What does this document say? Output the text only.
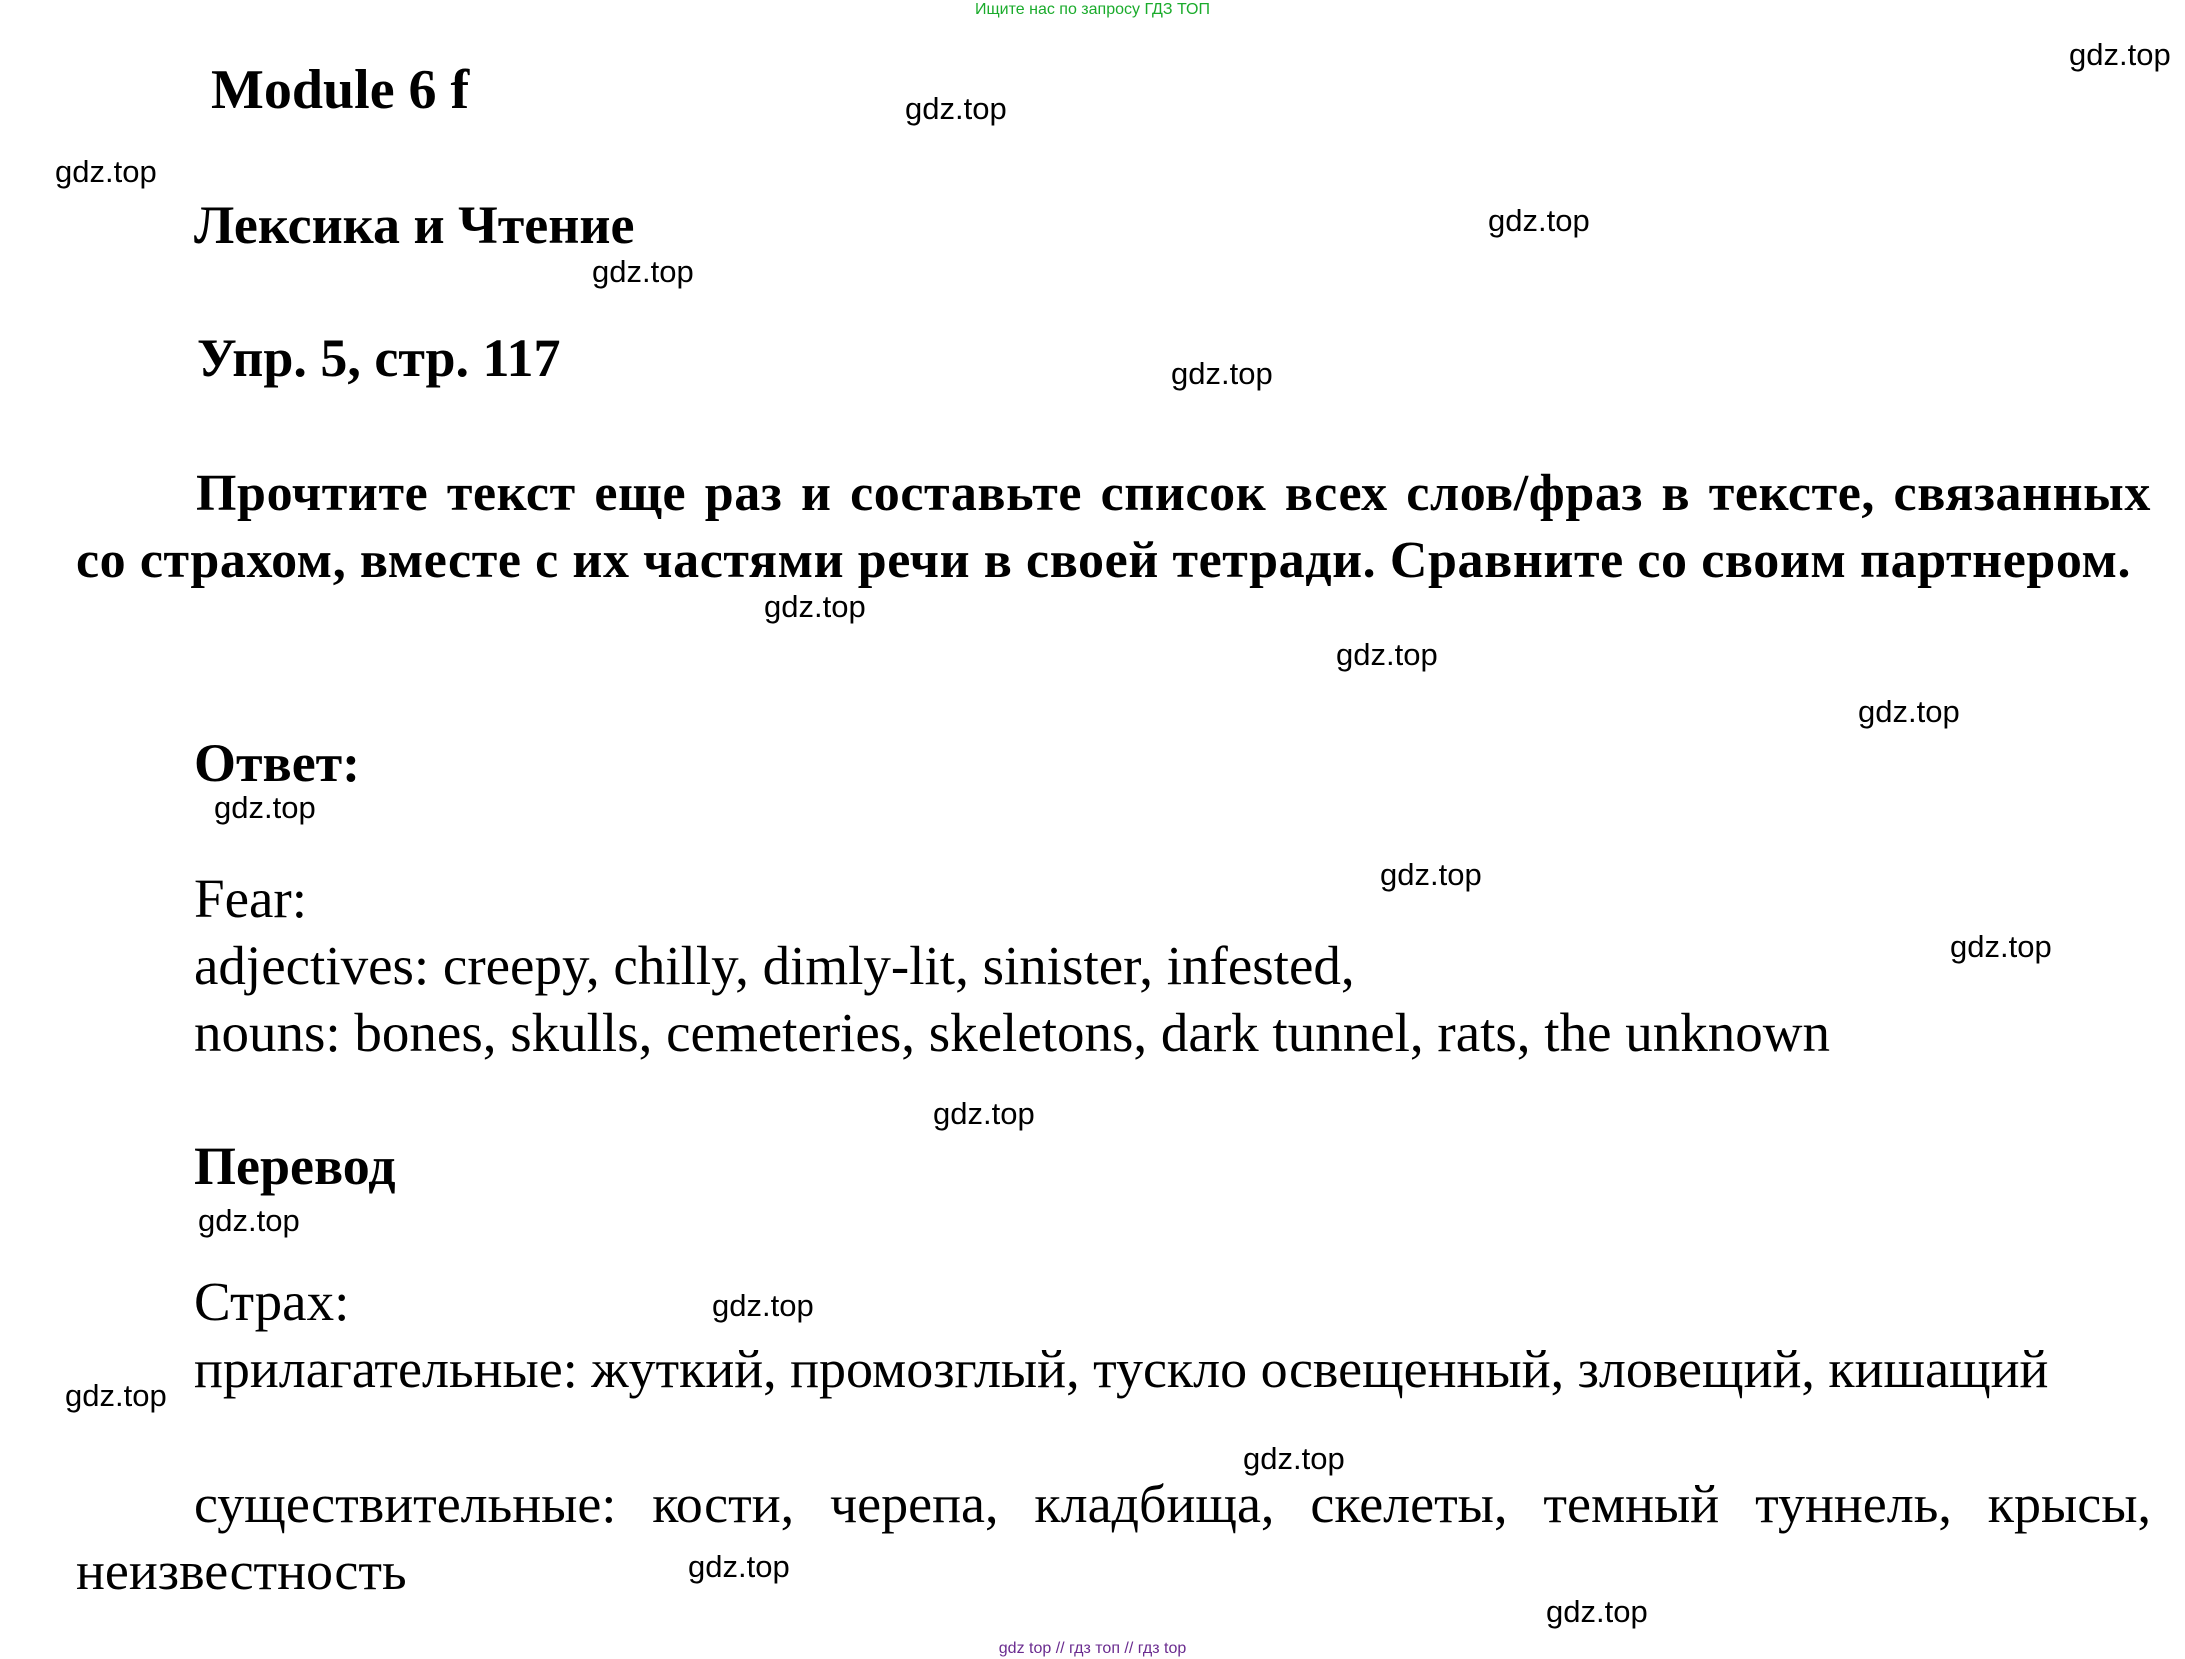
Ищите нас по запросу ГДЗ ТОП
Module 6 f
Лексика и Чтение
Упр. 5, стр. 117
Прочтите текст еще раз и составьте список всех слов/фраз в тексте, связанных со страхом, вместе с их частями речи в своей тетради. Сравните со своим партнером.
Ответ:
Fear:
adjectives: creepy, chilly, dimly-lit, sinister, infested,
nouns: bones, skulls, cemeteries, skeletons, dark tunnel, rats, the unknown
Перевод
Страх:
прилагательные: жуткий, промозглый, тускло освещенный, зловещий, кишащий
существительные: кости, черепа, кладбища, скелеты, темный туннель, крысы, неизвестность
gdz.top
gdz.top
gdz.top
gdz.top
gdz.top
gdz.top
gdz.top
gdz.top
gdz.top
gdz.top
gdz.top
gdz.top
gdz.top
gdz.top
gdz.top
gdz.top
gdz.top
gdz.top
gdz.top
gdz top // гдз топ // гдз top
